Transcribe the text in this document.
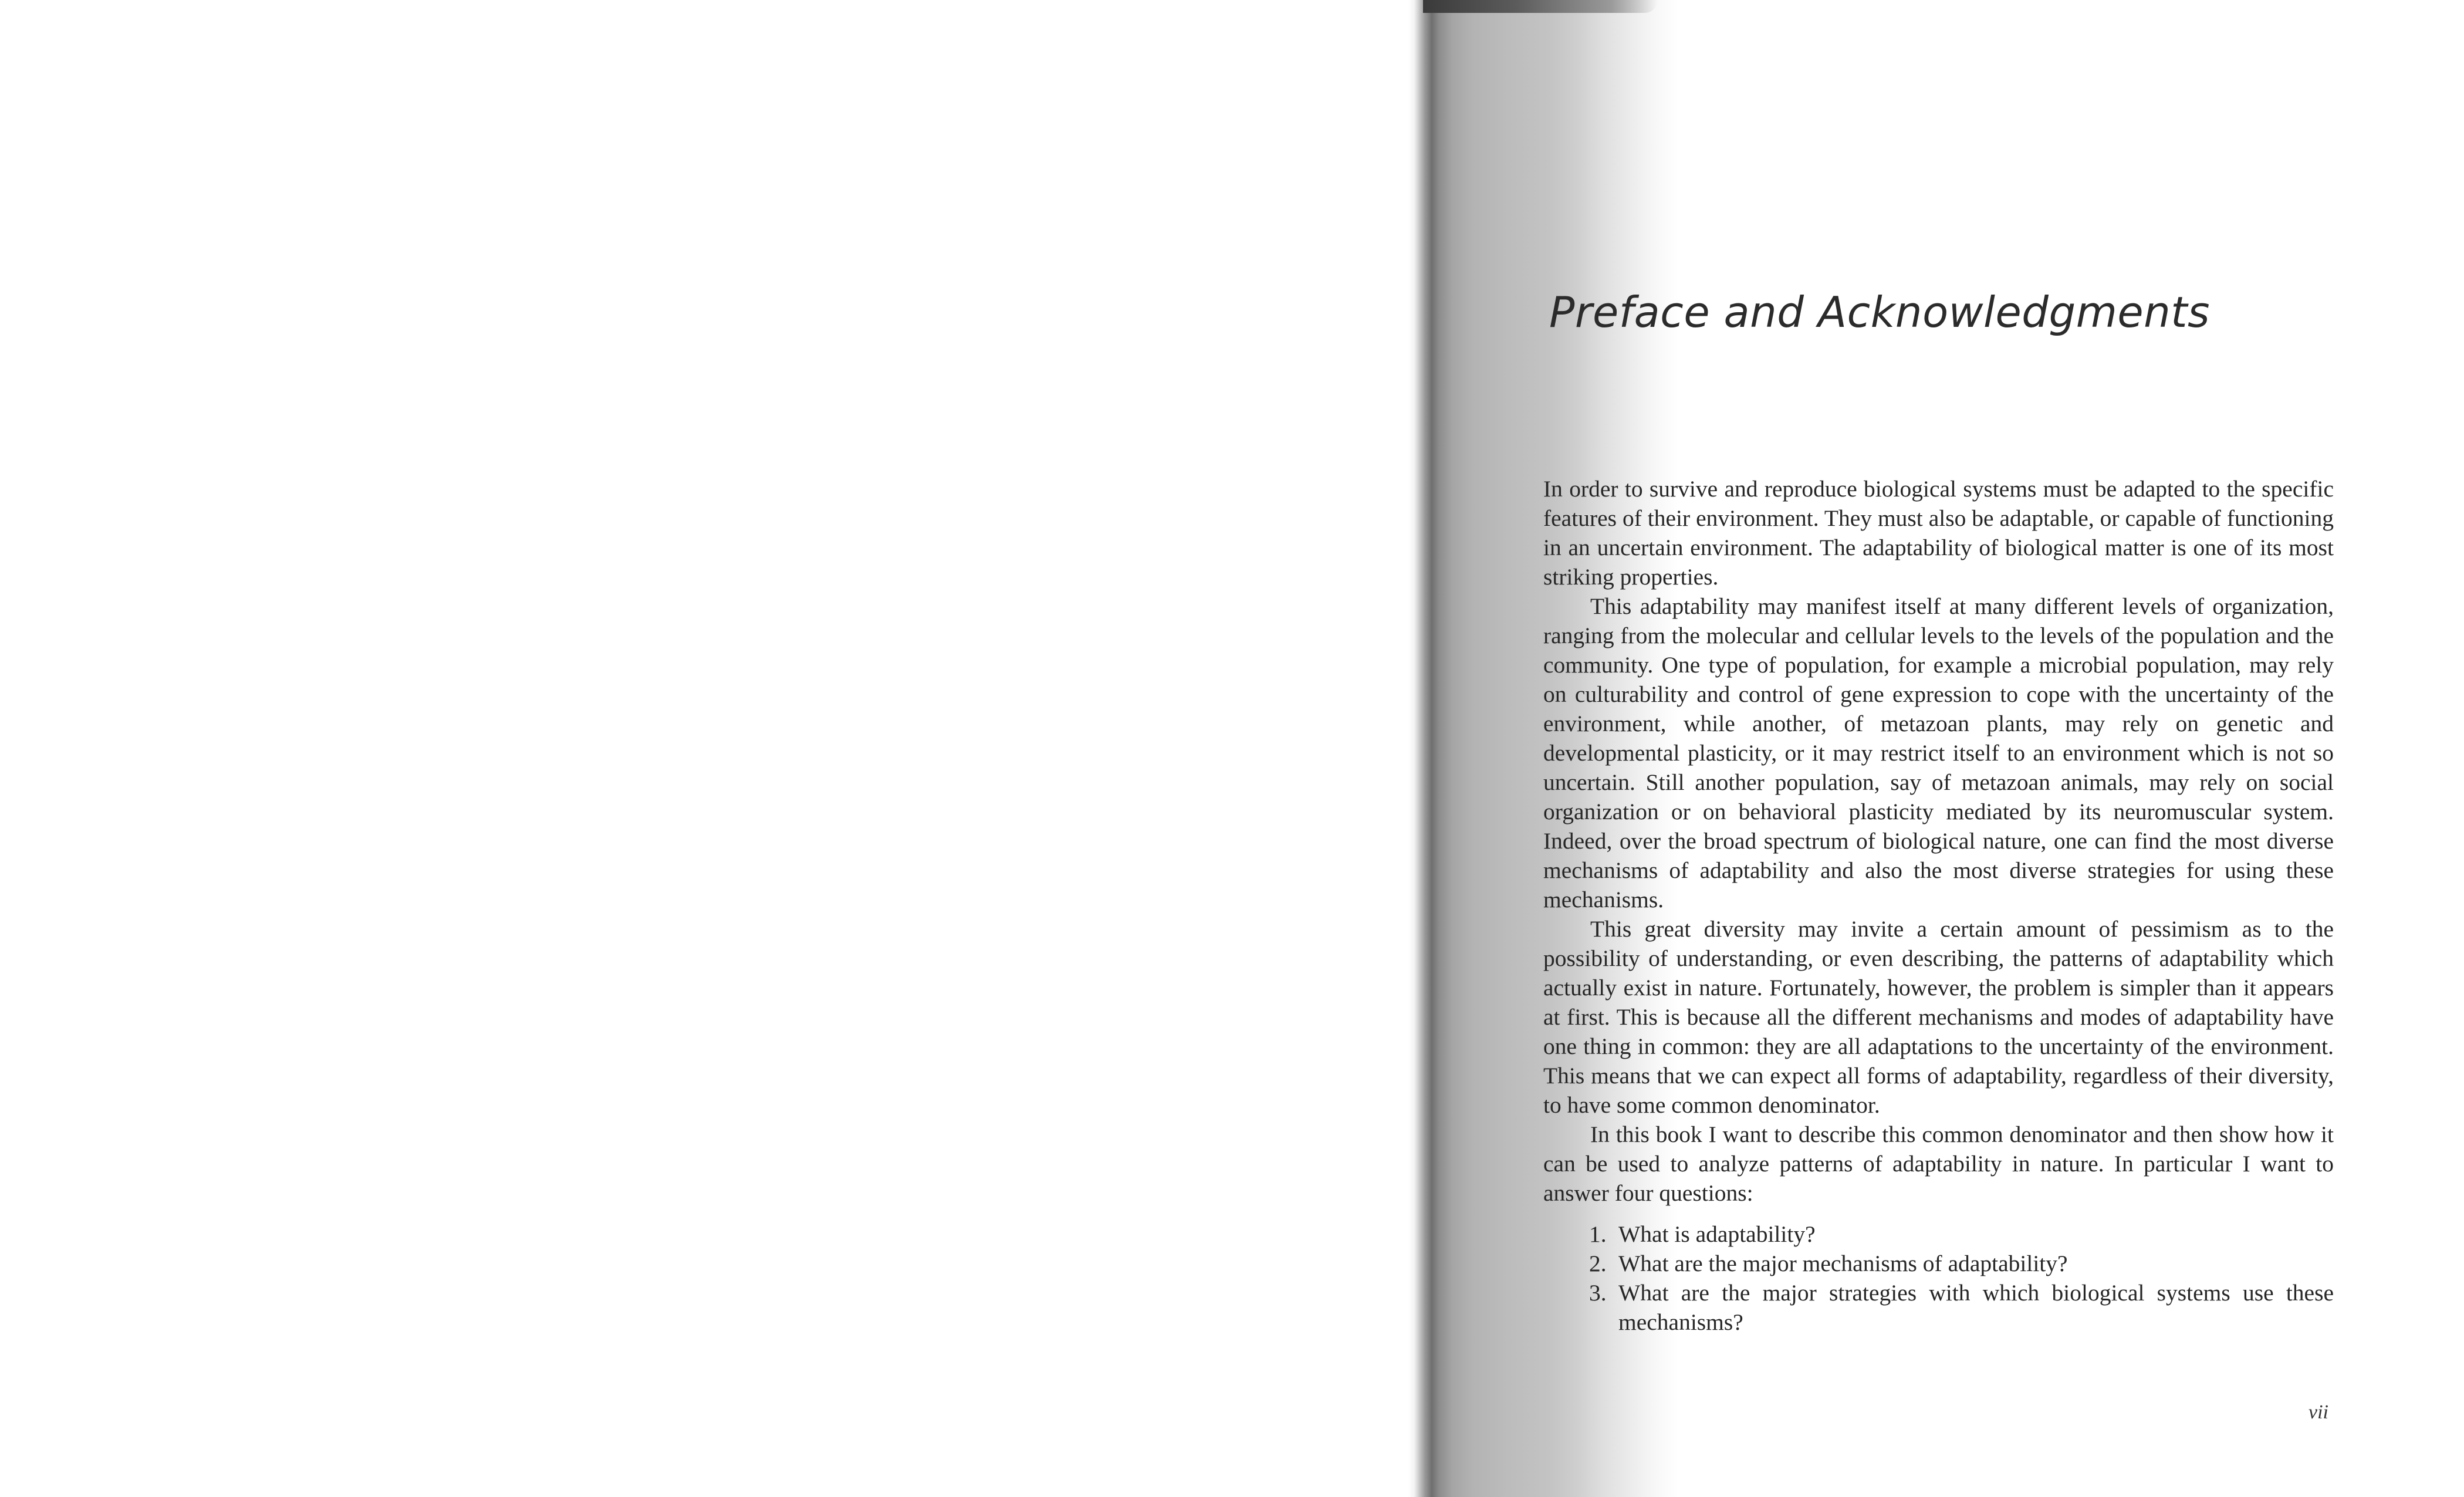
Preface and Acknowledgments

In order to survive and reproduce biological systems must be adapted to the specific features of their environment. They must also be adaptable, or capable of functioning in an uncertain environment. The adaptability of biological matter is one of its most striking properties.

This adaptability may manifest itself at many different levels of organization, ranging from the molecular and cellular levels to the levels of the population and the community. One type of population, for example a microbial population, may rely on culturability and control of gene expression to cope with the uncertainty of the environment, while another, of metazoan plants, may rely on genetic and developmental plasticity, or it may restrict itself to an environment which is not so uncertain. Still another population, say of metazoan animals, may rely on social organization or on behavioral plasticity mediated by its neuromuscular system. Indeed, over the broad spectrum of biological nature, one can find the most diverse mechanisms of adaptability and also the most diverse strategies for using these mechanisms.

This great diversity may invite a certain amount of pessimism as to the possibility of understanding, or even describing, the patterns of adaptability which actually exist in nature. Fortunately, however, the problem is simpler than it appears at first. This is because all the different mechanisms and modes of adaptability have one thing in common: they are all adaptations to the uncertainty of the environment. This means that we can expect all forms of adaptability, regardless of their diversity, to have some common denominator.

In this book I want to describe this common denominator and then show how it can be used to analyze patterns of adaptability in nature. In particular I want to answer four questions:

1. What is adaptability?
2. What are the major mechanisms of adaptability?
3. What are the major strategies with which biological systems use these mechanisms?
vii
